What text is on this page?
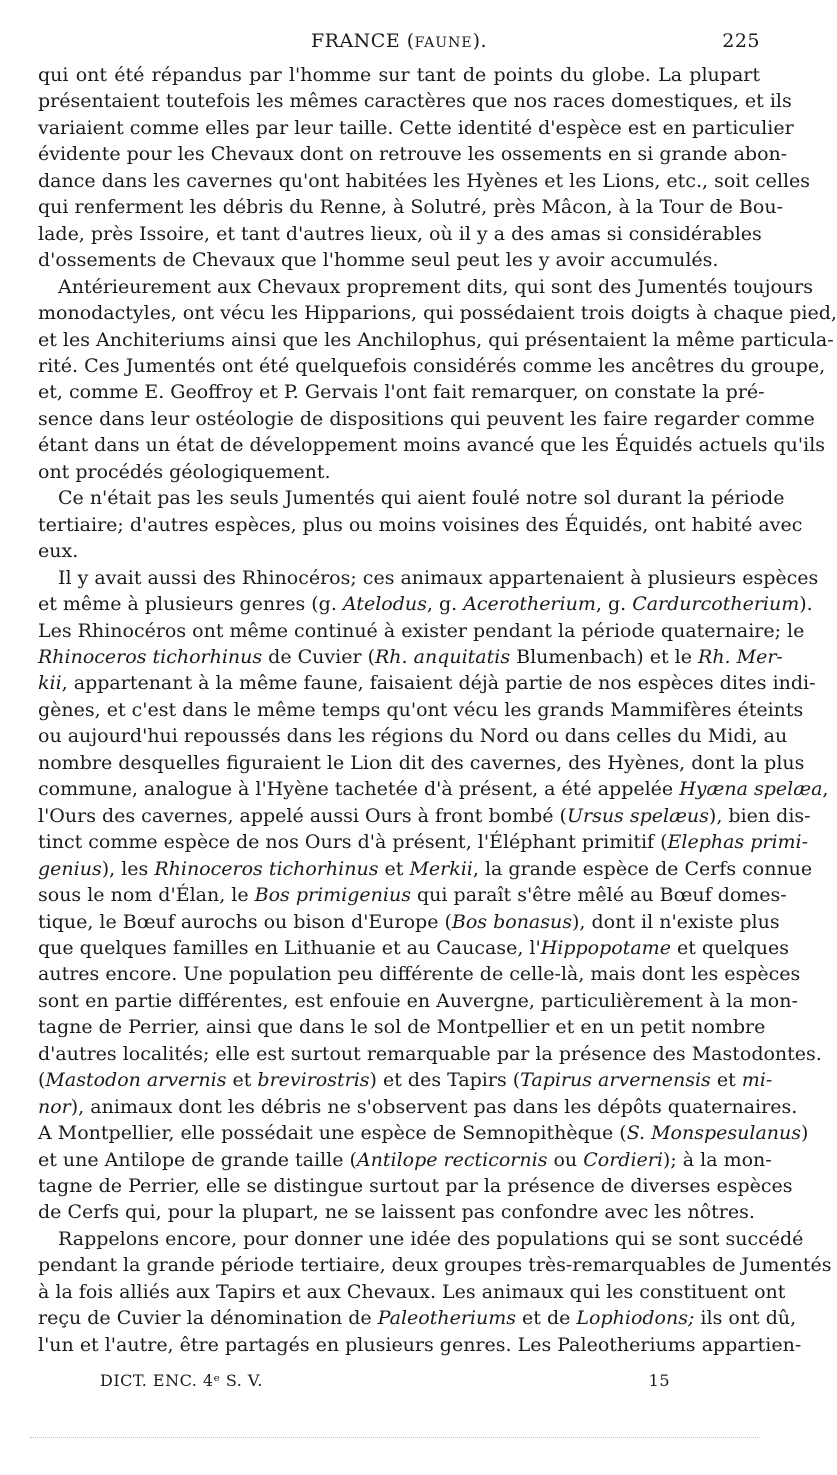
FRANCE (FAUNE).	225

qui ont été répandus par l'homme sur tant de points du globe. La plupart
présentaient toutefois les mêmes caractères que nos races domestiques, et ils
variaient comme elles par leur taille. Cette identité d'espèce est en particulier
évidente pour les Chevaux dont on retrouve les ossements en si grande abon-
dance dans les cavernes qu'ont habitées les Hyènes et les Lions, etc., soit celles
qui renferment les débris du Renne, à Solutré, près Mâcon, à la Tour de Bou-
lade, près Issoire, et tant d'autres lieux, où il y a des amas si considérables
d'ossements de Chevaux que l'homme seul peut les y avoir accumulés.

Antérieurement aux Chevaux proprement dits, qui sont des Jumentés toujours
monodactyles, ont vécu les Hipparions, qui possédaient trois doigts à chaque pied,
et les Anchiteriums ainsi que les Anchilophus, qui présentaient la même particula-
rité. Ces Jumentés ont été quelquefois considérés comme les ancêtres du groupe,
et, comme E. Geoffroy et P. Gervais l'ont fait remarquer, on constate la pré-
sence dans leur ostéologie de dispositions qui peuvent les faire regarder comme
étant dans un état de développement moins avancé que les Équidés actuels qu'ils
ont procédés géologiquement.

Ce n'était pas les seuls Jumentés qui aient foulé notre sol durant la période
tertiaire; d'autres espèces, plus ou moins voisines des Équidés, ont habité avec
eux.

Il y avait aussi des Rhinocéros; ces animaux appartenaient à plusieurs espèces
et même à plusieurs genres (g. Atelodus, g. Acerotherium, g. Cardurcotherium).
Les Rhinocéros ont même continué à exister pendant la période quaternaire; le
Rhinoceros tichorhinus de Cuvier (Rh. anquitatis Blumenbach) et le Rh. Mer-
kii, appartenant à la même faune, faisaient déjà partie de nos espèces dites indi-
gènes, et c'est dans le même temps qu'ont vécu les grands Mammifères éteints
ou aujourd'hui repoussés dans les régions du Nord ou dans celles du Midi, au
nombre desquelles figuraient le Lion dit des cavernes, des Hyènes, dont la plus
commune, analogue à l'Hyène tachetée d'à présent, a été appelée Hyæna spelæa,
l'Ours des cavernes, appelé aussi Ours à front bombé (Ursus spelæus), bien dis-
tinct comme espèce de nos Ours d'à présent, l'Éléphant primitif (Elephas primi-
genius), les Rhinoceros tichorhinus et Merkii, la grande espèce de Cerfs connue
sous le nom d'Élan, le Bos primigenius qui paraît s'être mêlé au Bœuf domes-
tique, le Bœuf aurochs ou bison d'Europe (Bos bonasus), dont il n'existe plus
que quelques familles en Lithuanie et au Caucase, l'Hippopotame et quelques
autres encore. Une population peu différente de celle-là, mais dont les espèces
sont en partie différentes, est enfouie en Auvergne, particulièrement à la mon-
tagne de Perrier, ainsi que dans le sol de Montpellier et en un petit nombre
d'autres localités; elle est surtout remarquable par la présence des Mastodontes.
(Mastodon arvernis et brevirostris) et des Tapirs (Tapirus arvernensis et mi-
nor), animaux dont les débris ne s'observent pas dans les dépôts quaternaires.
A Montpellier, elle possédait une espèce de Semnopithèque (S. Monspesulanus)
et une Antilope de grande taille (Antilope recticornis ou Cordieri); à la mon-
tagne de Perrier, elle se distingue surtout par la présence de diverses espèces
de Cerfs qui, pour la plupart, ne se laissent pas confondre avec les nôtres.

Rappelons encore, pour donner une idée des populations qui se sont succédé
pendant la grande période tertiaire, deux groupes très-remarquables de Jumentés
à la fois alliés aux Tapirs et aux Chevaux. Les animaux qui les constituent ont
reçu de Cuvier la dénomination de Paleotheriums et de Lophiodons; ils ont dû,
l'un et l'autre, être partagés en plusieurs genres. Les Paleotheriums appartien-

DICT. ENC. 4ᵉ S. V.	15
